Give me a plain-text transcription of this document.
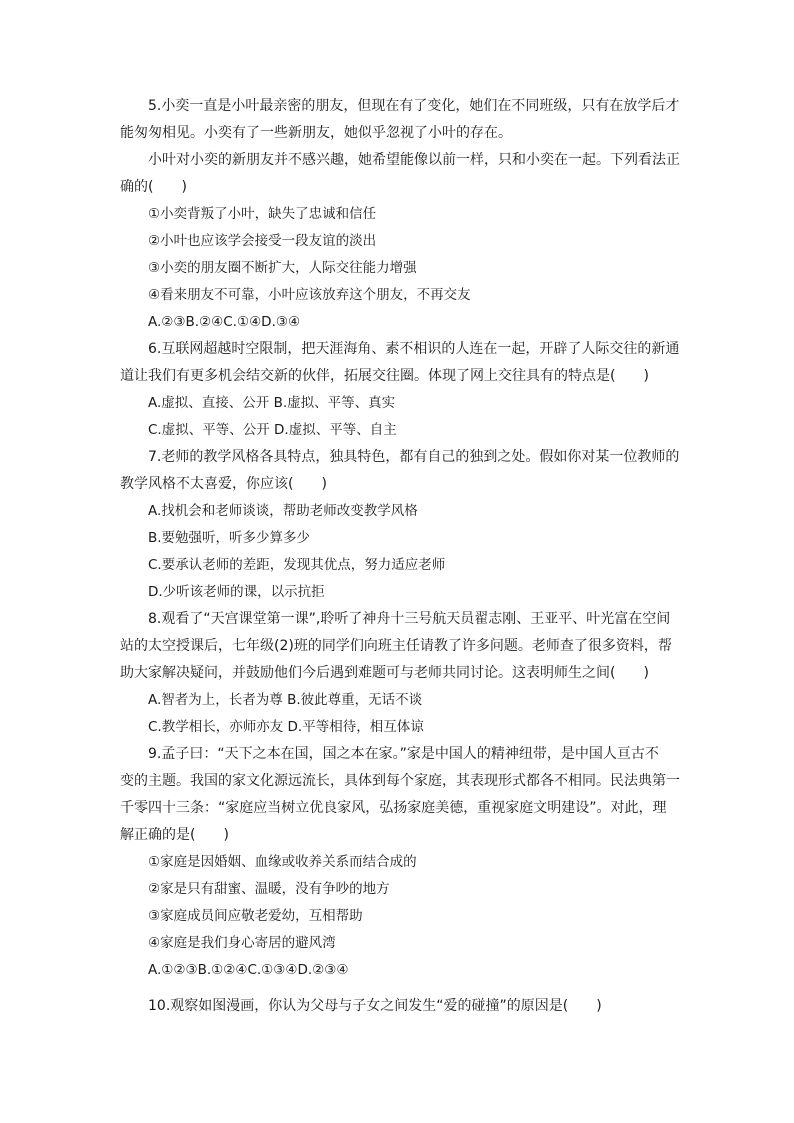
5.小奕一直是小叶最亲密的朋友，但现在有了变化，她们在不同班级，只有在放学后才
能匆匆相见。小奕有了一些新朋友，她似乎忽视了小叶的存在。
小叶对小奕的新朋友并不感兴趣，她希望能像以前一样，只和小奕在一起。下列看法正
确的(　　)
①小奕背叛了小叶，缺失了忠诚和信任
②小叶也应该学会接受一段友谊的淡出
③小奕的朋友圈不断扩大，人际交往能力增强
④看来朋友不可靠，小叶应该放弃这个朋友，不再交友
A.②③B.②④C.①④D.③④
6.互联网超越时空限制，把天涯海角、素不相识的人连在一起，开辟了人际交往的新通
道让我们有更多机会结交新的伙伴，拓展交往圈。体现了网上交往具有的特点是(　　)
A.虚拟、直接、公开 B.虚拟、平等、真实
C.虚拟、平等、公开 D.虚拟、平等、自主
7.老师的教学风格各具特点，独具特色，都有自己的独到之处。假如你对某一位教师的
教学风格不太喜爱，你应该(　　)
A.找机会和老师谈谈，帮助老师改变教学风格
B.要勉强听，听多少算多少
C.要承认老师的差距，发现其优点，努力适应老师
D.少听该老师的课，以示抗拒
8.观看了“天宫课堂第一课”,聆听了神舟十三号航天员翟志刚、王亚平、叶光富在空间
站的太空授课后，七年级(2)班的同学们向班主任请教了许多问题。老师查了很多资料，帮
助大家解决疑问，并鼓励他们今后遇到难题可与老师共同讨论。这表明师生之间(　　)
A.智者为上，长者为尊 B.彼此尊重，无话不谈
C.教学相长，亦师亦友 D.平等相待，相互体谅
9.孟子曰：“天下之本在国，国之本在家。”家是中国人的精神纽带，是中国人亘古不
变的主题。我国的家文化源远流长，具体到每个家庭，其表现形式都各不相同。民法典第一
千零四十三条：“家庭应当树立优良家风，弘扬家庭美德，重视家庭文明建设”。对此，理
解正确的是(　　)
①家庭是因婚姻、血缘或收养关系而结合成的
②家是只有甜蜜、温暖，没有争吵的地方
③家庭成员间应敬老爱幼，互相帮助
④家庭是我们身心寄居的避风湾
A.①②③B.①②④C.①③④D.②③④
10.观察如图漫画，你认为父母与子女之间发生“爱的碰撞”的原因是(　　)
